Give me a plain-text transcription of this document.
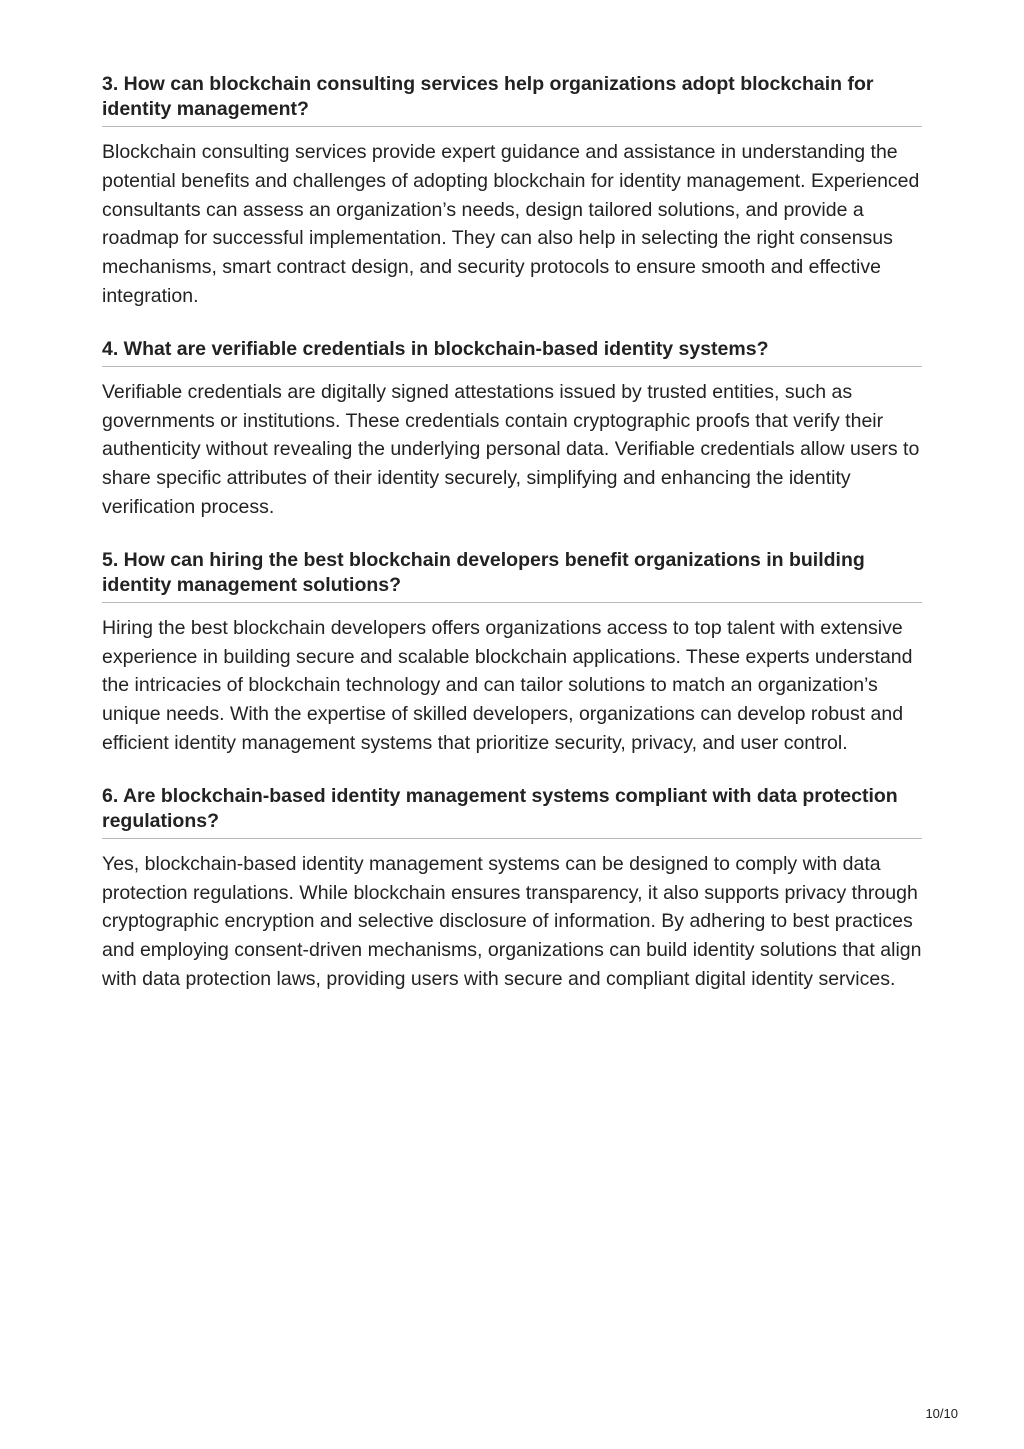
3. How can blockchain consulting services help organizations adopt blockchain for identity management?

Blockchain consulting services provide expert guidance and assistance in understanding the potential benefits and challenges of adopting blockchain for identity management. Experienced consultants can assess an organization’s needs, design tailored solutions, and provide a roadmap for successful implementation. They can also help in selecting the right consensus mechanisms, smart contract design, and security protocols to ensure smooth and effective integration.

4. What are verifiable credentials in blockchain-based identity systems?

Verifiable credentials are digitally signed attestations issued by trusted entities, such as governments or institutions. These credentials contain cryptographic proofs that verify their authenticity without revealing the underlying personal data. Verifiable credentials allow users to share specific attributes of their identity securely, simplifying and enhancing the identity verification process.

5. How can hiring the best blockchain developers benefit organizations in building identity management solutions?

Hiring the best blockchain developers offers organizations access to top talent with extensive experience in building secure and scalable blockchain applications. These experts understand the intricacies of blockchain technology and can tailor solutions to match an organization’s unique needs. With the expertise of skilled developers, organizations can develop robust and efficient identity management systems that prioritize security, privacy, and user control.

6. Are blockchain-based identity management systems compliant with data protection regulations?

Yes, blockchain-based identity management systems can be designed to comply with data protection regulations. While blockchain ensures transparency, it also supports privacy through cryptographic encryption and selective disclosure of information. By adhering to best practices and employing consent-driven mechanisms, organizations can build identity solutions that align with data protection laws, providing users with secure and compliant digital identity services.

10/10
